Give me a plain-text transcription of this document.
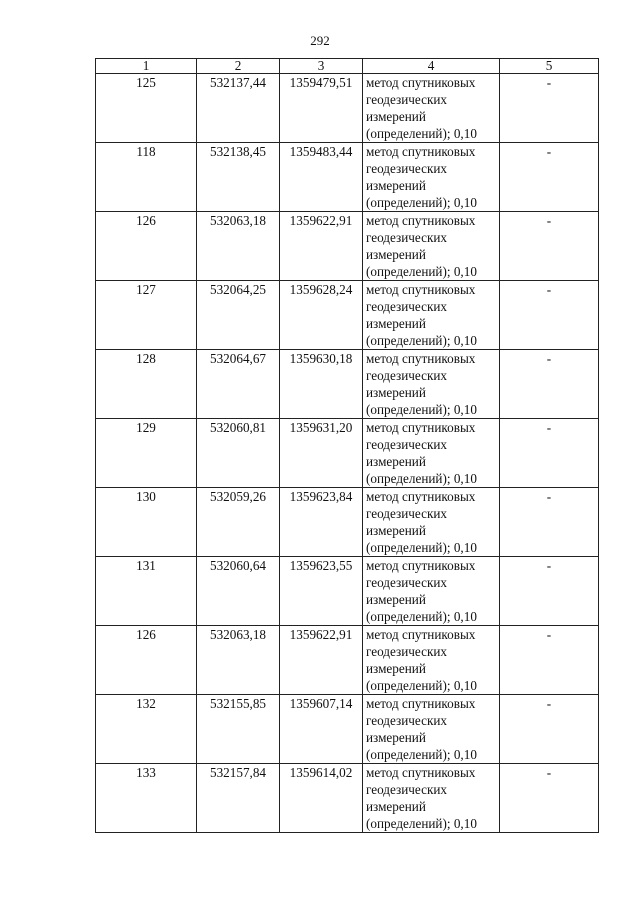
292
1	2	3	4	5
125	532137,44	1359479,51	метод спутниковых
геодезических
измерений
(определений); 0,10	-
118	532138,45	1359483,44	метод спутниковых
геодезических
измерений
(определений); 0,10	-
126	532063,18	1359622,91	метод спутниковых
геодезических
измерений
(определений); 0,10	-
127	532064,25	1359628,24	метод спутниковых
геодезических
измерений
(определений); 0,10	-
128	532064,67	1359630,18	метод спутниковых
геодезических
измерений
(определений); 0,10	-
129	532060,81	1359631,20	метод спутниковых
геодезических
измерений
(определений); 0,10	-
130	532059,26	1359623,84	метод спутниковых
геодезических
измерений
(определений); 0,10	-
131	532060,64	1359623,55	метод спутниковых
геодезических
измерений
(определений); 0,10	-
126	532063,18	1359622,91	метод спутниковых
геодезических
измерений
(определений); 0,10	-
132	532155,85	1359607,14	метод спутниковых
геодезических
измерений
(определений); 0,10	-
133	532157,84	1359614,02	метод спутниковых
геодезических
измерений
(определений); 0,10	-
